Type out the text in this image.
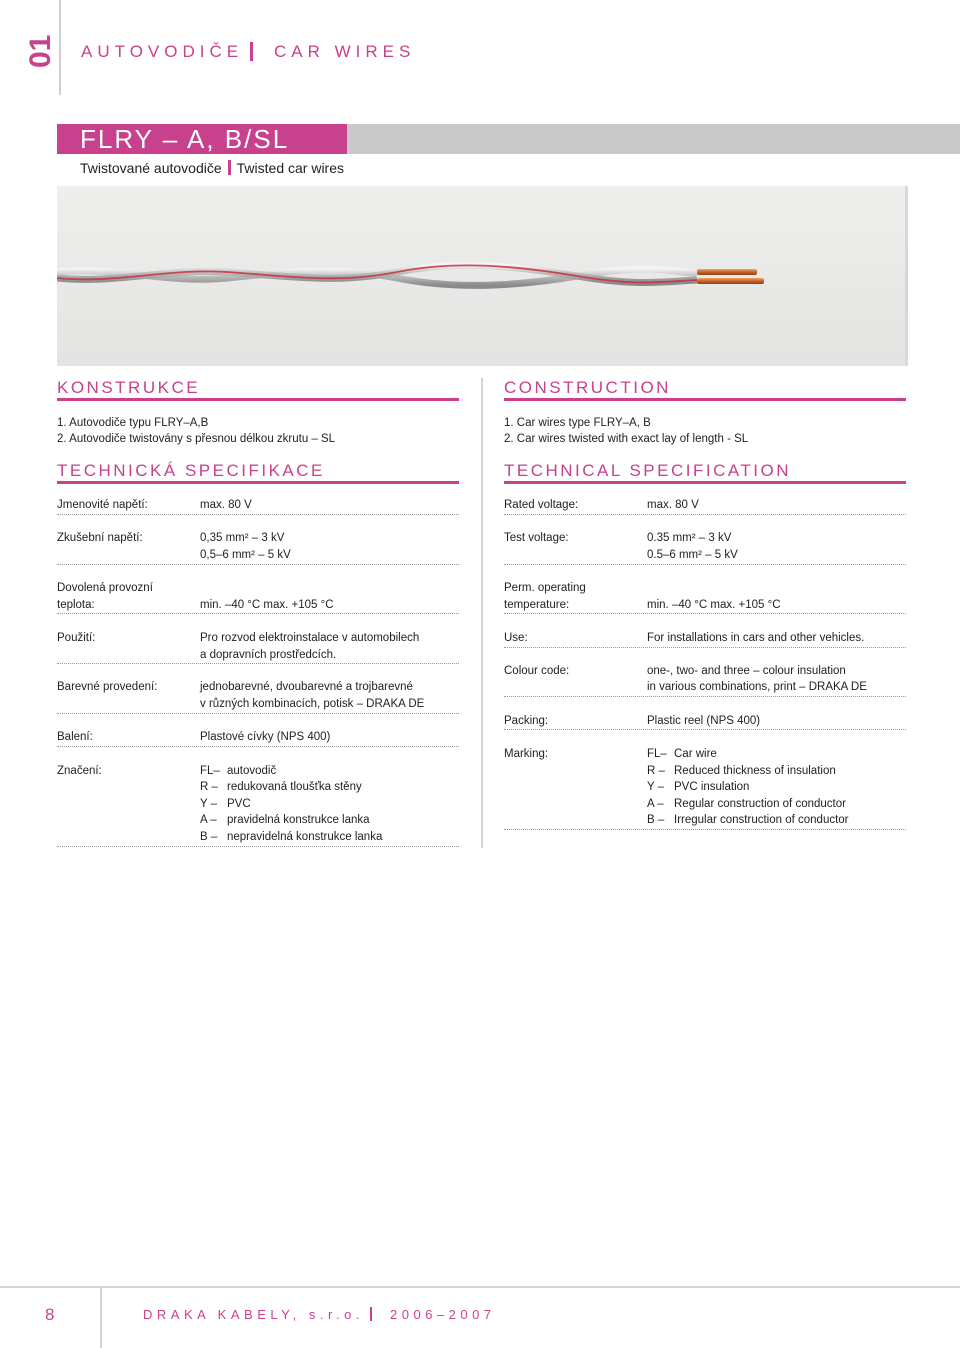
01 AUTOVODIČE CAR WIRES
FLRY – A, B/SL
Twistované autovodiče Twisted car wires
KONSTRUKCE
1. Autovodiče typu FLRY–A,B
2. Autovodiče twistovány s přesnou délkou zkrutu – SL
TECHNICKÁ SPECIFIKACE
Jmenovité napětí:	max. 80 V
Zkušební napětí:	0,35 mm² – 3 kV
0,5–6 mm² – 5 kV
Dovolená provozní
teplota:	min. –40 °C max. +105 °C
Použití:	Pro rozvod elektroinstalace v automobilech
a dopravních prostředcích.
Barevné provedení:	jednobarevné, dvoubarevné a trojbarevné
v různých kombinacích, potisk – DRAKA DE
Balení:	Plastové cívky (NPS 400)
Značení:	FL– autovodič
R – redukovaná tloušťka stěny
Y – PVC
A – pravidelná konstrukce lanka
B – nepravidelná konstrukce lanka
CONSTRUCTION
1. Car wires type FLRY–A, B
2. Car wires twisted with exact lay of length - SL
TECHNICAL SPECIFICATION
Rated voltage:	max. 80 V
Test voltage:	0.35 mm² – 3 kV
0.5–6 mm² – 5 kV
Perm. operating
temperature:	min. –40 °C max. +105 °C
Use:	For installations in cars and other vehicles.
Colour code:	one-, two- and three – colour insulation
in various combinations, print – DRAKA DE
Packing:	Plastic reel (NPS 400)
Marking:	FL– Car wire
R – Reduced thickness of insulation
Y – PVC insulation
A – Regular construction of conductor
B – Irregular construction of conductor
8	DRAKA KABELY, s.r.o. 2006–2007
